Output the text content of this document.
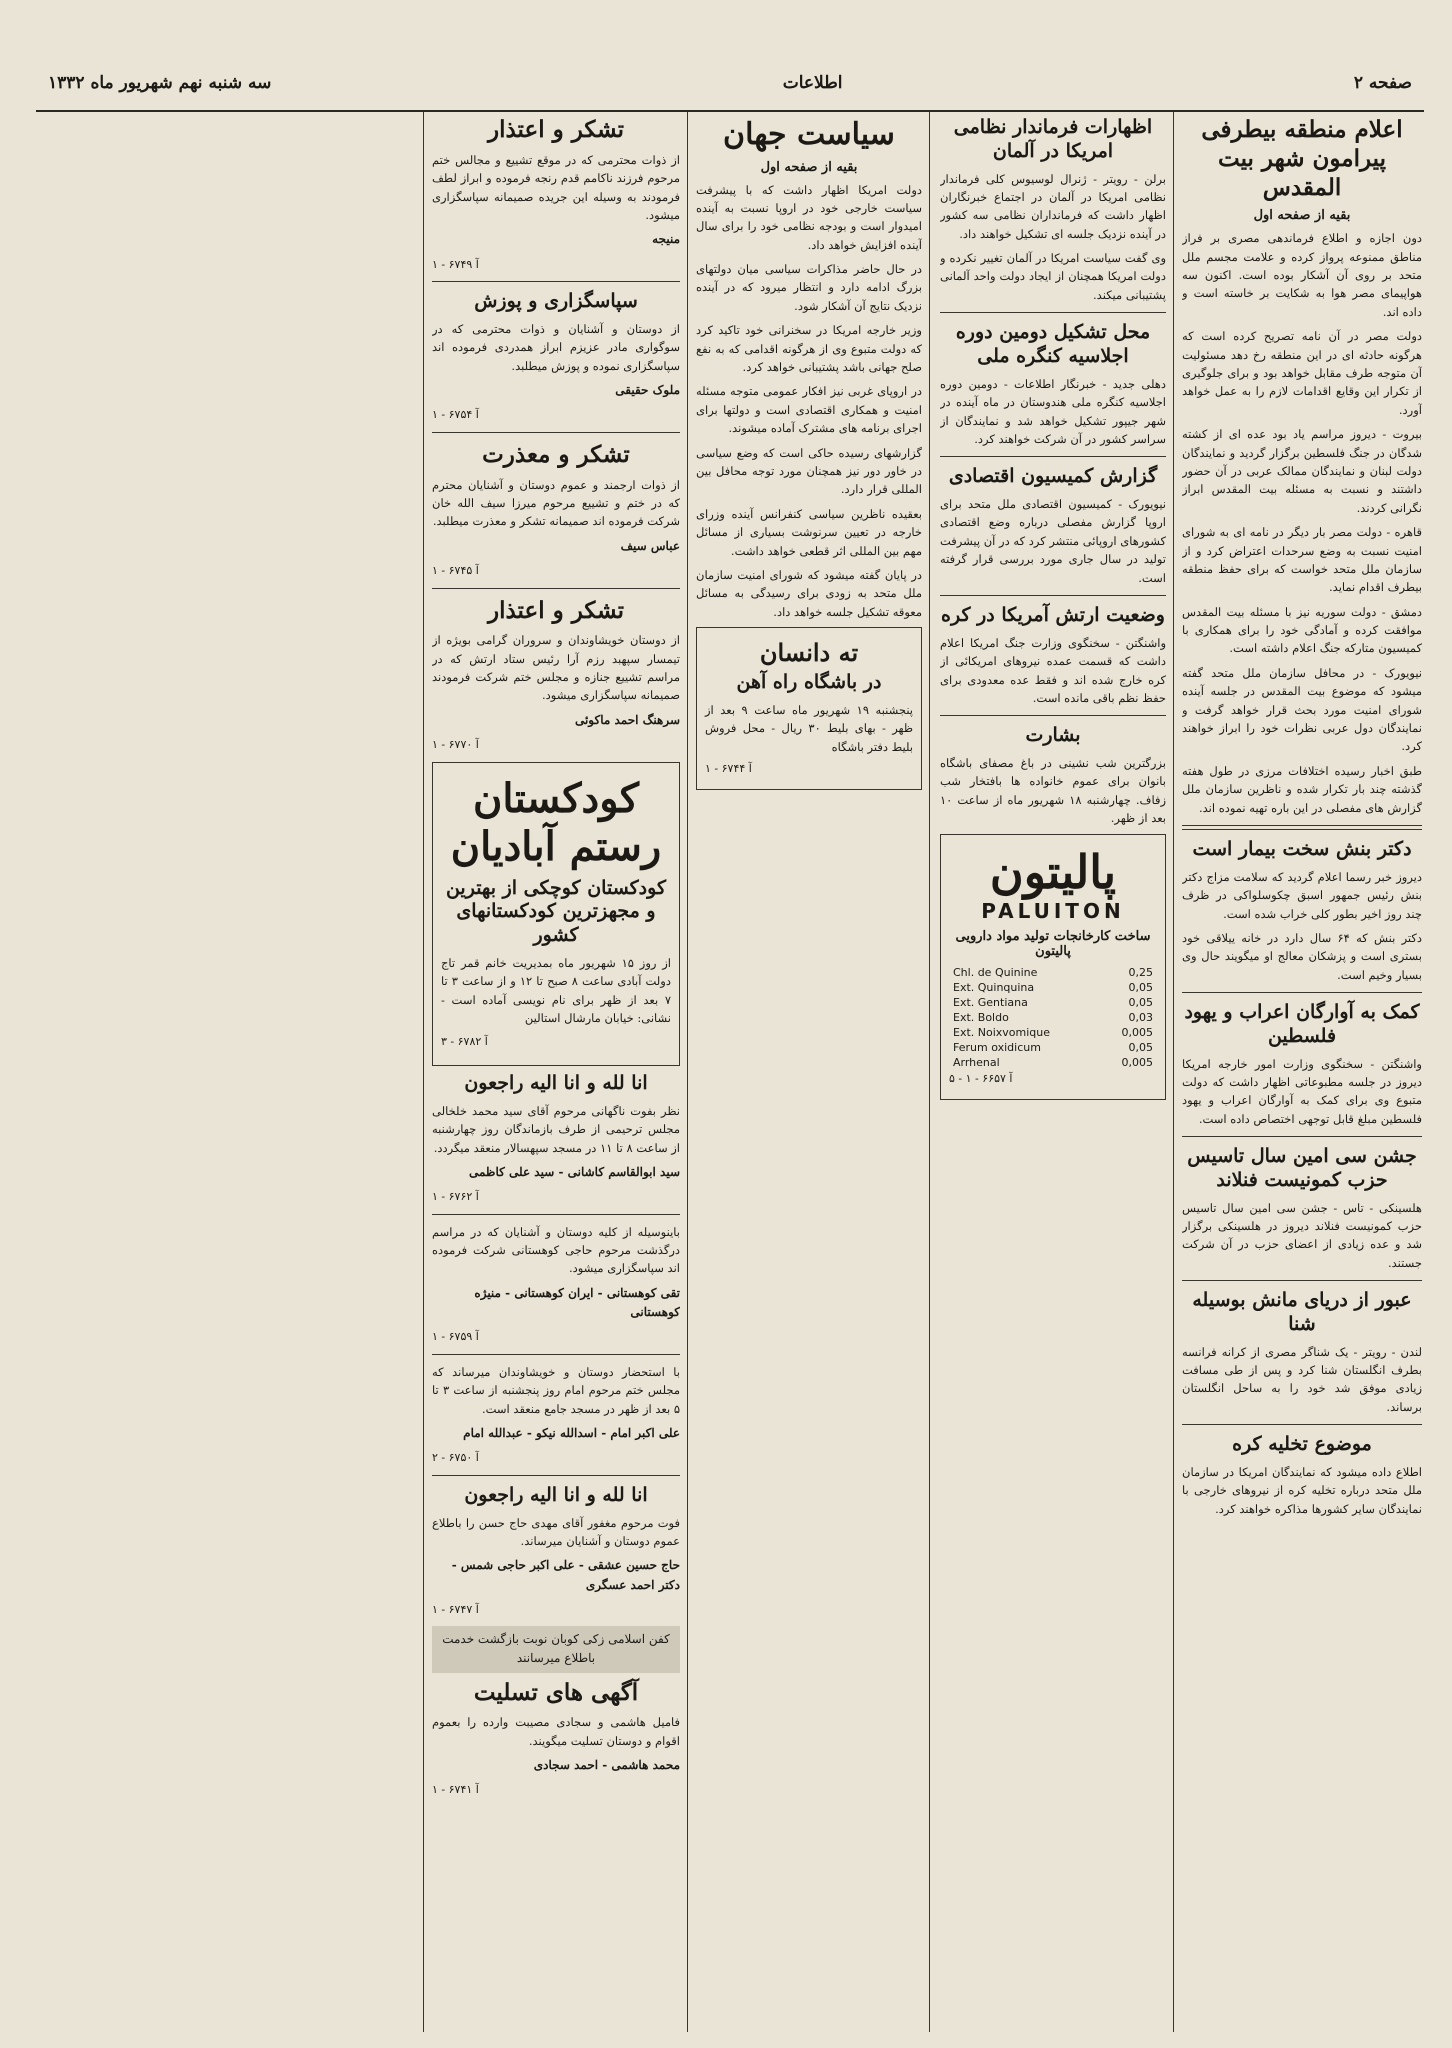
صفحه ۲
اطلاعات
سه شنبه نهم شهریور ماه ۱۳۳۲
اعلام منطقه بیطرفی پیرامون شهر بیت المقدس
بقیه از صفحه اول

دون اجازه و اطلاع فرماندهی مصری بر فراز مناطق ممنوعه پرواز کرده و علامت مجسم ملل متحد بر روی آن آشکار بوده است. اکنون سه هواپیمای مصر هوا به شکایت بر خاسته است و داده اند.

دولت مصر در آن نامه تصریح کرده است که هرگونه حادثه ای در این منطقه رخ دهد مسئولیت آن متوجه طرف مقابل خواهد بود و برای جلوگیری از تکرار این وقایع اقدامات لازم را به عمل خواهد آورد.

بیروت - دیروز مراسم یاد بود عده ای از کشته شدگان در جنگ فلسطین برگزار گردید و نمایندگان دولت لبنان و نمایندگان ممالک عربی در آن حضور داشتند و نسبت به مسئله بیت المقدس ابراز نگرانی کردند.

قاهره - دولت مصر بار دیگر در نامه ای به شورای امنیت نسبت به وضع سرحدات اعتراض کرد و از سازمان ملل متحد خواست که برای حفظ منطقه بیطرف اقدام نماید.

دمشق - دولت سوریه نیز با مسئله بیت المقدس موافقت کرده و آمادگی خود را برای همکاری با کمیسیون متارکه جنگ اعلام داشته است.

نیویورک - در محافل سازمان ملل متحد گفته میشود که موضوع بیت المقدس در جلسه آینده شورای امنیت مورد بحث قرار خواهد گرفت و نمایندگان دول عربی نظرات خود را ابراز خواهند کرد.

طبق اخبار رسیده اختلافات مرزی در طول هفته گذشته چند بار تکرار شده و ناظرین سازمان ملل گزارش های مفصلی در این باره تهیه نموده اند.

دکتر بنش سخت بیمار است

دیروز خبر رسما اعلام گردید که سلامت مزاج دکتر بنش رئیس جمهور اسبق چکوسلواکی در ظرف چند روز اخیر بطور کلی خراب شده است.

دکتر بنش که ۶۴ سال دارد در خانه ییلاقی خود بستری است و پزشکان معالج او میگویند حال وی بسیار وخیم است.

کمک به آوارگان اعراب و یهود فلسطین

واشنگتن - سخنگوی وزارت امور خارجه امریکا دیروز در جلسه مطبوعاتی اظهار داشت که دولت متبوع وی برای کمک به آوارگان اعراب و یهود فلسطین مبلغ قابل توجهی اختصاص داده است.

جشن سی امین سال تاسیس حزب کمونیست فنلاند

هلسینکی - تاس - جشن سی امین سال تاسیس حزب کمونیست فنلاند دیروز در هلسینکی برگزار شد و عده زیادی از اعضای حزب در آن شرکت جستند.

عبور از دریای مانش بوسیله شنا

لندن - رویتر - یک شناگر مصری از کرانه فرانسه بطرف انگلستان شنا کرد و پس از طی مسافت زیادی موفق شد خود را به ساحل انگلستان برساند.

موضوع تخلیه کره

اطلاع داده میشود که نمایندگان امریکا در سازمان ملل متحد درباره تخلیه کره از نیروهای خارجی با نمایندگان سایر کشورها مذاکره خواهند کرد.

اظهارات فرماندار نظامی امریکا در آلمان

برلن - رویتر - ژنرال لوسیوس کلی فرماندار نظامی امریکا در آلمان در اجتماع خبرنگاران اظهار داشت که فرمانداران نظامی سه کشور در آینده نزدیک جلسه ای تشکیل خواهند داد.

وی گفت سیاست امریکا در آلمان تغییر نکرده و دولت امریکا همچنان از ایجاد دولت واحد آلمانی پشتیبانی میکند.

محل تشکیل دومین دوره اجلاسیه کنگره ملی

دهلی جدید - خبرنگار اطلاعات - دومین دوره اجلاسیه کنگره ملی هندوستان در ماه آینده در شهر جیپور تشکیل خواهد شد و نمایندگان از سراسر کشور در آن شرکت خواهند کرد.

گزارش کمیسیون اقتصادی

نیویورک - کمیسیون اقتصادی ملل متحد برای اروپا گزارش مفصلی درباره وضع اقتصادی کشورهای اروپائی منتشر کرد که در آن پیشرفت تولید در سال جاری مورد بررسی قرار گرفته است.

وضعیت ارتش آمریکا در کره

واشنگتن - سخنگوی وزارت جنگ امریکا اعلام داشت که قسمت عمده نیروهای امریکائی از کره خارج شده اند و فقط عده معدودی برای حفظ نظم باقی مانده است.

بشارت

بزرگترین شب نشینی در باغ مصفای باشگاه بانوان برای عموم خانواده ها بافتخار شب زفاف. چهارشنبه ۱۸ شهریور ماه از ساعت ۱۰ بعد از ظهر.

پالیتون
PALUITON
ساخت کارخانجات تولید مواد دارویی پالیتون
Chl. de Quinine	0,25
Ext. Quinquina	0,05
Ext. Gentiana	0,05
Ext. Boldo	0,03
Ext. Noixvomique	0,005
Ferum oxidicum	0,05
Arrhenal	0,005
آ ۶۶۵۷ - ۱ - ۵
سیاست جهان
بقیه از صفحه اول

دولت امریکا اظهار داشت که با پیشرفت سیاست خارجی خود در اروپا نسبت به آینده امیدوار است و بودجه نظامی خود را برای سال آینده افزایش خواهد داد.

در حال حاضر مذاکرات سیاسی میان دولتهای بزرگ ادامه دارد و انتظار میرود که در آینده نزدیک نتایج آن آشکار شود.

وزیر خارجه امریکا در سخنرانی خود تاکید کرد که دولت متبوع وی از هرگونه اقدامی که به نفع صلح جهانی باشد پشتیبانی خواهد کرد.

در اروپای غربی نیز افکار عمومی متوجه مسئله امنیت و همکاری اقتصادی است و دولتها برای اجرای برنامه های مشترک آماده میشوند.

گزارشهای رسیده حاکی است که وضع سیاسی در خاور دور نیز همچنان مورد توجه محافل بین المللی قرار دارد.

بعقیده ناظرین سیاسی کنفرانس آینده وزرای خارجه در تعیین سرنوشت بسیاری از مسائل مهم بین المللی اثر قطعی خواهد داشت.

در پایان گفته میشود که شورای امنیت سازمان ملل متحد به زودی برای رسیدگی به مسائل معوقه تشکیل جلسه خواهد داد.

ته دانسان
در باشگاه راه آهن

پنجشنبه ۱۹ شهریور ماه ساعت ۹ بعد از ظهر - بهای بلیط ۳۰ ریال - محل فروش بلیط دفتر باشگاه

آ ۶۷۴۴ - ۱
تشکر و اعتذار

از ذوات محترمی که در موقع تشییع و مجالس ختم مرحوم فرزند ناکامم قدم رنجه فرموده و ابراز لطف فرمودند به وسیله این جریده صمیمانه سپاسگزاری میشود.

منیجه
آ ۶۷۴۹ - ۱
سپاسگزاری و پوزش

از دوستان و آشنایان و ذوات محترمی که در سوگواری مادر عزیزم ابراز همدردی فرموده اند سپاسگزاری نموده و پوزش میطلبد.

ملوک حقیقی
آ ۶۷۵۴ - ۱
تشکر و معذرت

از ذوات ارجمند و عموم دوستان و آشنایان محترم که در ختم و تشییع مرحوم میرزا سیف الله خان شرکت فرموده اند صمیمانه تشکر و معذرت میطلبد.

عباس سیف
آ ۶۷۴۵ - ۱
تشکر و اعتذار

از دوستان خویشاوندان و سروران گرامی بویژه از تیمسار سپهبد رزم آرا رئیس ستاد ارتش که در مراسم تشییع جنازه و مجلس ختم شرکت فرمودند صمیمانه سپاسگزاری میشود.

سرهنگ احمد ماکوئی
آ ۶۷۷۰ - ۱
کودکستان رستم آبادیان
کودکستان کوچکی از بهترین و مجهزترین کودکستانهای کشور

از روز ۱۵ شهریور ماه بمدیریت خانم قمر تاج دولت آبادی ساعت ۸ صبح تا ۱۲ و از ساعت ۳ تا ۷ بعد از ظهر برای نام نویسی آماده است - نشانی: خیابان مارشال استالین

آ ۶۷۸۲ - ۳
انا لله و انا الیه راجعون

نظر بفوت ناگهانی مرحوم آقای سید محمد خلخالی مجلس ترحیمی از طرف بازماندگان روز چهارشنبه از ساعت ۸ تا ۱۱ در مسجد سپهسالار منعقد میگردد.

سید ابوالقاسم کاشانی - سید علی کاظمی
آ ۶۷۶۲ - ۱

باینوسیله از کلیه دوستان و آشنایان که در مراسم درگذشت مرحوم حاجی کوهستانی شرکت فرموده اند سپاسگزاری میشود.

تقی کوهستانی - ایران کوهستانی - منیژه کوهستانی
آ ۶۷۵۹ - ۱

با استحضار دوستان و خویشاوندان میرساند که مجلس ختم مرحوم امام روز پنجشنبه از ساعت ۳ تا ۵ بعد از ظهر در مسجد جامع منعقد است.

علی اکبر امام - اسدالله نیکو - عبدالله امام
آ ۶۷۵۰ - ۲
انا لله و انا الیه راجعون

فوت مرحوم مغفور آقای مهدی حاج حسن را باطلاع عموم دوستان و آشنایان میرساند.

حاج حسین عشقی - علی اکبر حاجی شمس - دکتر احمد عسگری
آ ۶۷۴۷ - ۱
کفن اسلامی زکی کوبان نوبت بازگشت خدمت باطلاع میرسانند
آگهی های تسلیت

فامیل هاشمی و سجادی مصیبت وارده را بعموم اقوام و دوستان تسلیت میگویند.

محمد هاشمی - احمد سجادی
آ ۶۷۴۱ - ۱
